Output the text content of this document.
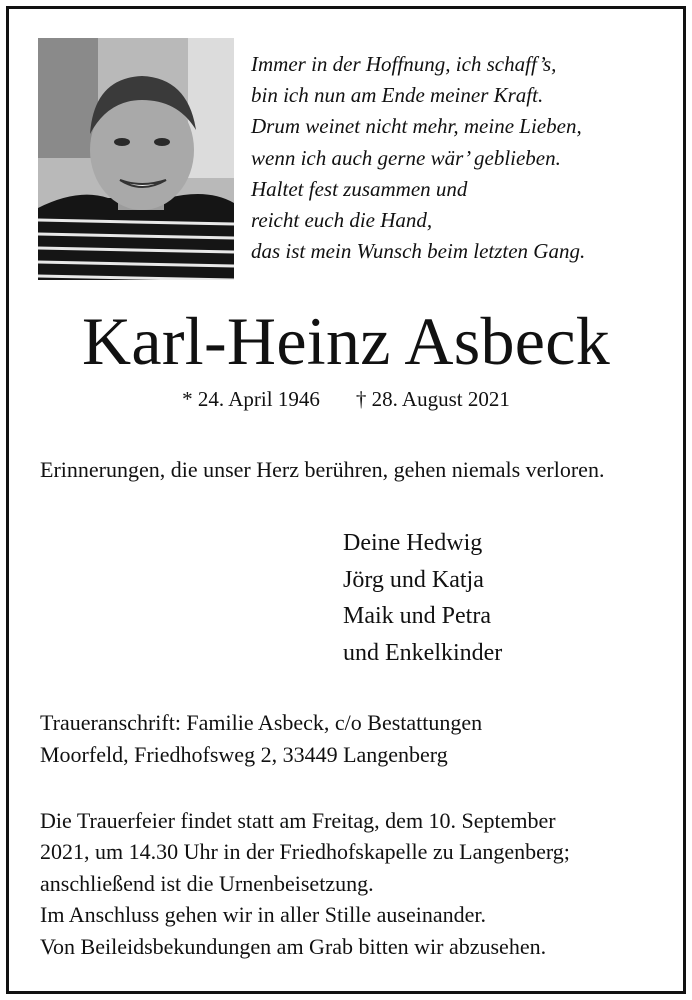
Immer in der Hoffnung, ich schaff’s,
bin ich nun am Ende meiner Kraft.
Drum weinet nicht mehr, meine Lieben,
wenn ich auch gerne wär’ geblieben.
Haltet fest zusammen und
reicht euch die Hand,
das ist mein Wunsch beim letzten Gang.
Karl-Heinz Asbeck
* 24. April 1946 † 28. August 2021
Erinnerungen, die unser Herz berühren, gehen niemals verloren.
Deine Hedwig
Jörg und Katja
Maik und Petra
und Enkelkinder
Traueranschrift: Familie Asbeck, c/o Bestattungen
Moorfeld, Friedhofsweg 2, 33449 Langenberg
Die Trauerfeier findet statt am Freitag, dem 10. September
2021, um 14.30 Uhr in der Friedhofskapelle zu Langenberg;
anschließend ist die Urnenbeisetzung.
Im Anschluss gehen wir in aller Stille auseinander.
Von Beileidsbekundungen am Grab bitten wir abzusehen.
